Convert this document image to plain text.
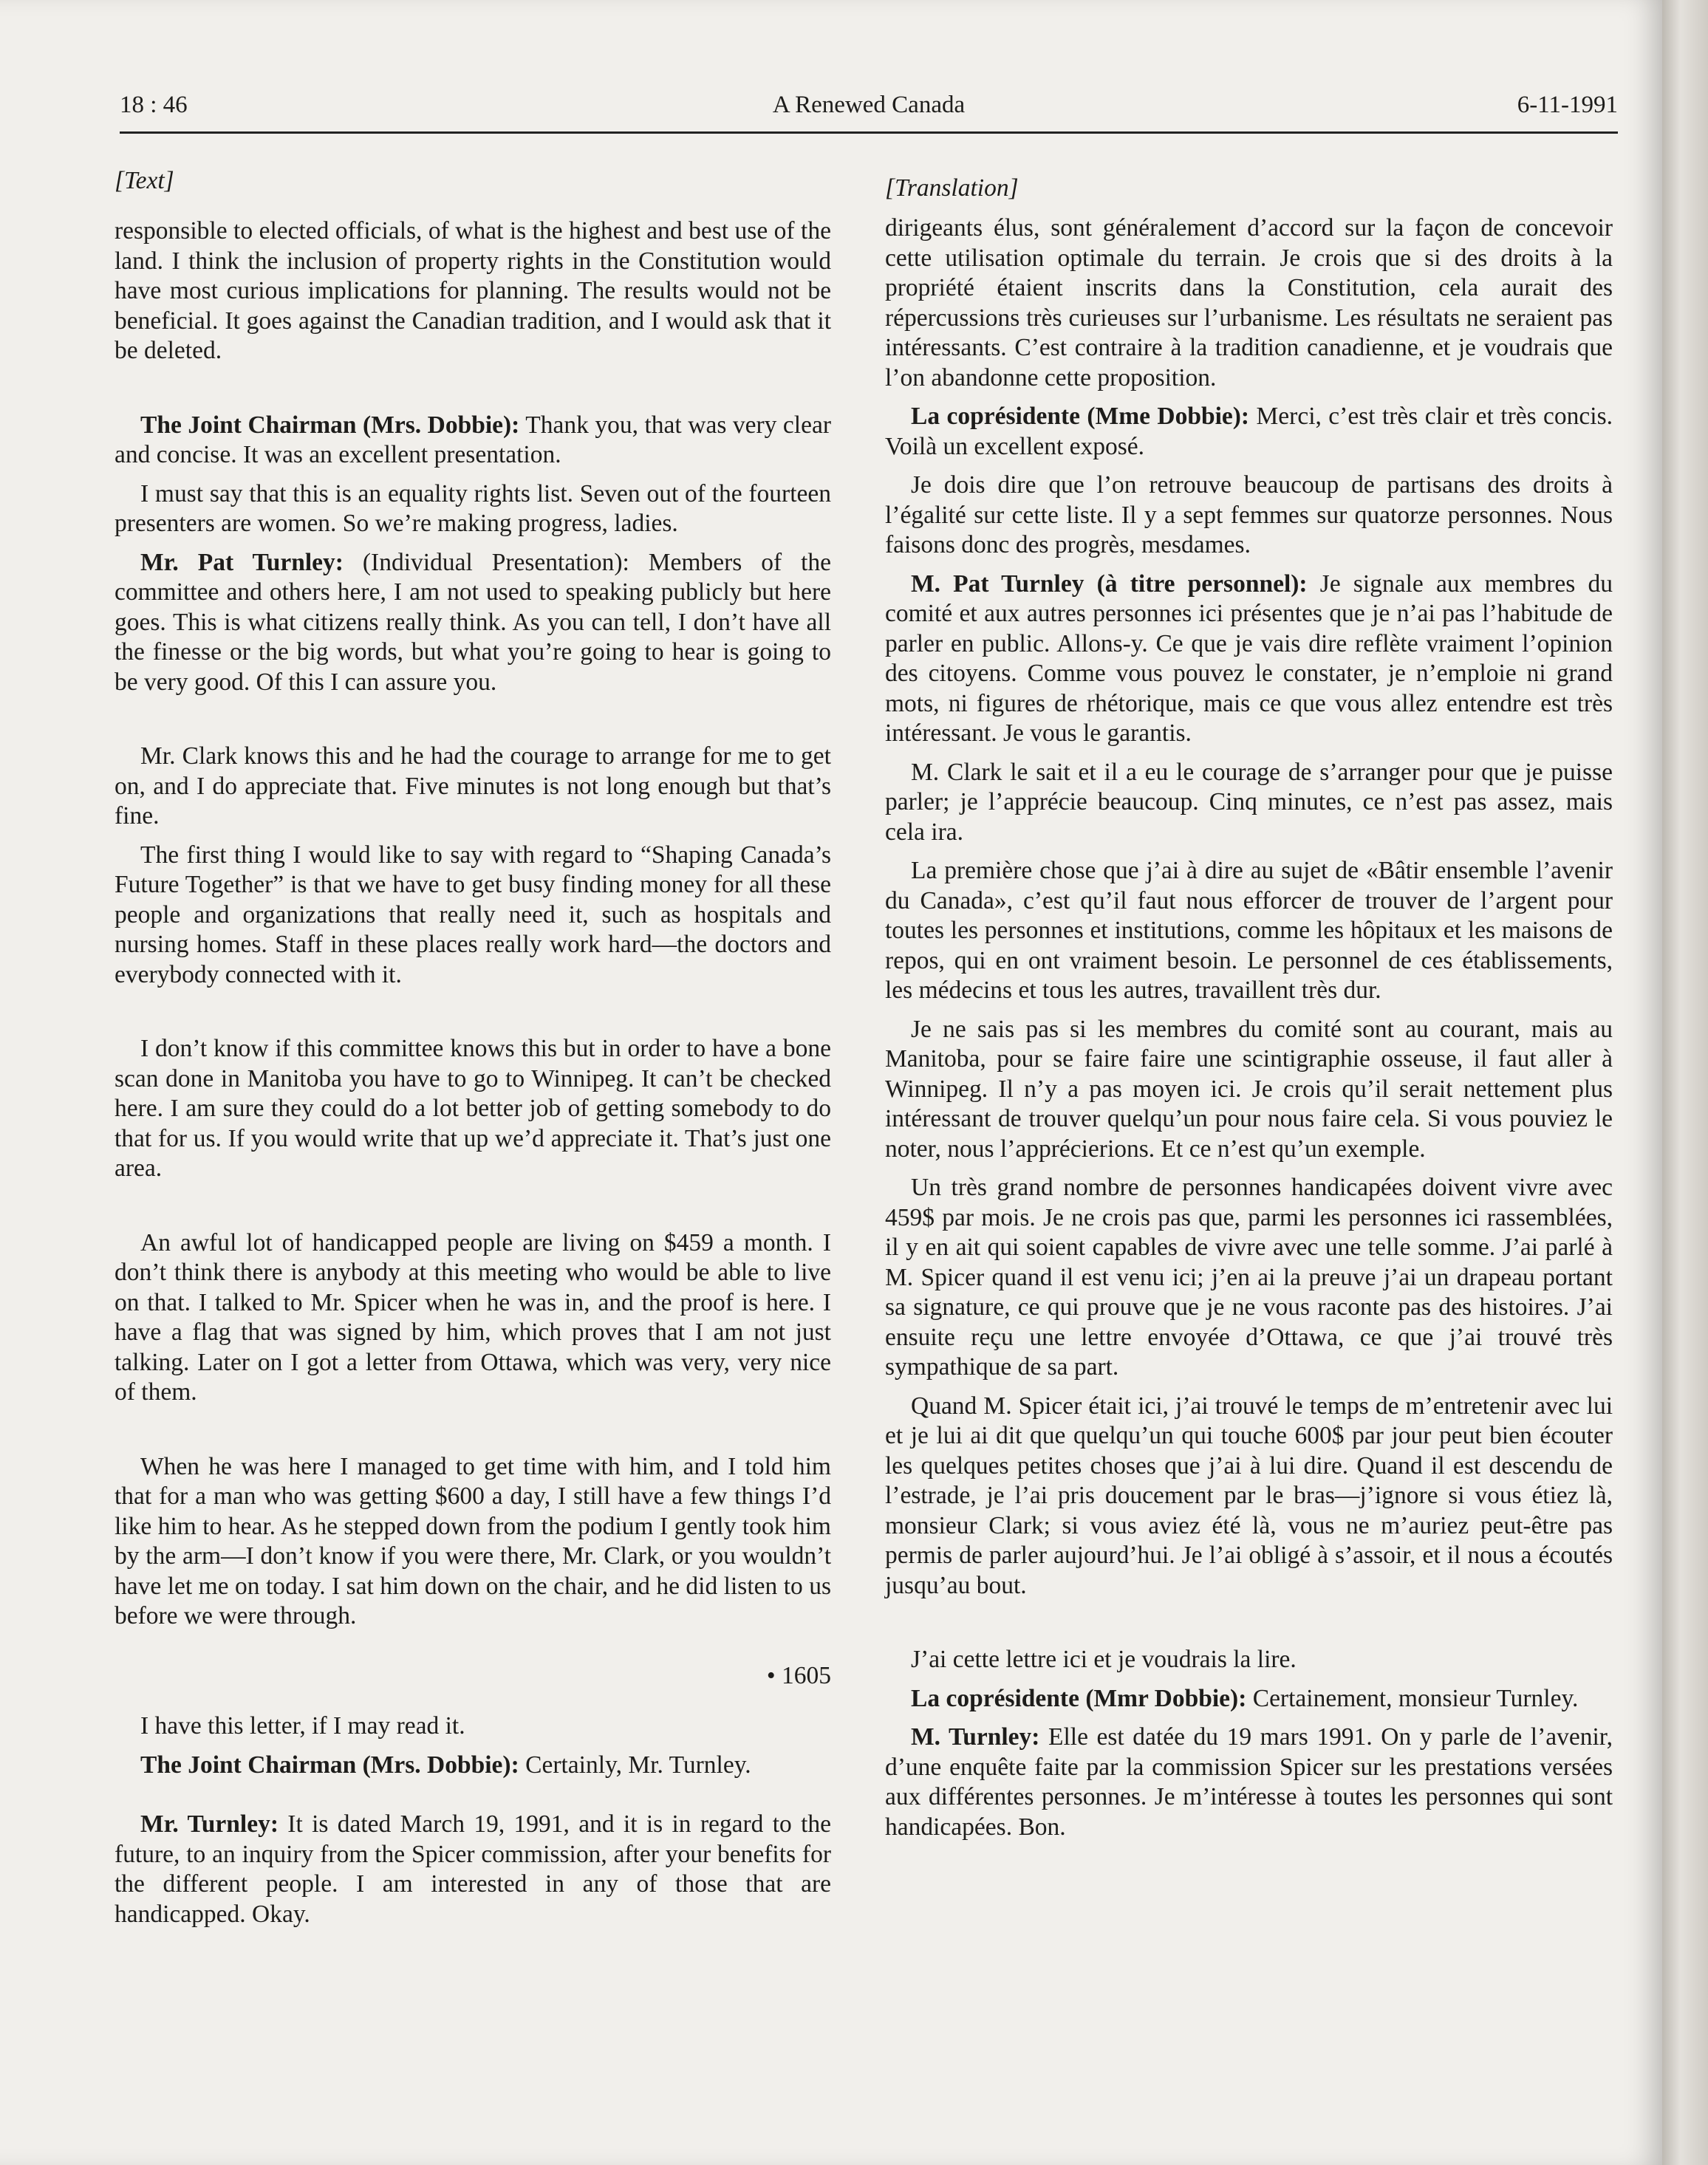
18 : 46	A Renewed Canada	6-11-1991
[Text]

responsible to elected officials, of what is the highest and best use of the land. I think the inclusion of property rights in the Constitution would have most curious implications for planning. The results would not be beneficial. It goes against the Canadian tradition, and I would ask that it be deleted.

The Joint Chairman (Mrs. Dobbie): Thank you, that was very clear and concise. It was an excellent presentation.

I must say that this is an equality rights list. Seven out of the fourteen presenters are women. So we’re making progress, ladies.

Mr. Pat Turnley: (Individual Presentation): Members of the committee and others here, I am not used to speaking publicly but here goes. This is what citizens really think. As you can tell, I don’t have all the finesse or the big words, but what you’re going to hear is going to be very good. Of this I can assure you.

Mr. Clark knows this and he had the courage to arrange for me to get on, and I do appreciate that. Five minutes is not long enough but that’s fine.

The first thing I would like to say with regard to “Shaping Canada’s Future Together” is that we have to get busy finding money for all these people and organizations that really need it, such as hospitals and nursing homes. Staff in these places really work hard—the doctors and everybody connected with it.

I don’t know if this committee knows this but in order to have a bone scan done in Manitoba you have to go to Winnipeg. It can’t be checked here. I am sure they could do a lot better job of getting somebody to do that for us. If you would write that up we’d appreciate it. That’s just one area.

An awful lot of handicapped people are living on $459 a month. I don’t think there is anybody at this meeting who would be able to live on that. I talked to Mr. Spicer when he was in, and the proof is here. I have a flag that was signed by him, which proves that I am not just talking. Later on I got a letter from Ottawa, which was very, very nice of them.

When he was here I managed to get time with him, and I told him that for a man who was getting $600 a day, I still have a few things I’d like him to hear. As he stepped down from the podium I gently took him by the arm—I don’t know if you were there, Mr. Clark, or you wouldn’t have let me on today. I sat him down on the chair, and he did listen to us before we were through.

• 1605

I have this letter, if I may read it.

The Joint Chairman (Mrs. Dobbie): Certainly, Mr. Turnley.

Mr. Turnley: It is dated March 19, 1991, and it is in regard to the future, to an inquiry from the Spicer commission, after your benefits for the different people. I am interested in any of those that are handicapped. Okay.

[Translation]

dirigeants élus, sont généralement d’accord sur la façon de concevoir cette utilisation optimale du terrain. Je crois que si des droits à la propriété étaient inscrits dans la Constitution, cela aurait des répercussions très curieuses sur l’urbanisme. Les résultats ne seraient pas intéressants. C’est contraire à la tradition canadienne, et je voudrais que l’on abandonne cette proposition.

La coprésidente (Mme Dobbie): Merci, c’est très clair et très concis. Voilà un excellent exposé.

Je dois dire que l’on retrouve beaucoup de partisans des droits à l’égalité sur cette liste. Il y a sept femmes sur quatorze personnes. Nous faisons donc des progrès, mesdames.

M. Pat Turnley (à titre personnel): Je signale aux membres du comité et aux autres personnes ici présentes que je n’ai pas l’habitude de parler en public. Allons-y. Ce que je vais dire reflète vraiment l’opinion des citoyens. Comme vous pouvez le constater, je n’emploie ni grand mots, ni figures de rhétorique, mais ce que vous allez entendre est très intéressant. Je vous le garantis.

M. Clark le sait et il a eu le courage de s’arranger pour que je puisse parler; je l’apprécie beaucoup. Cinq minutes, ce n’est pas assez, mais cela ira.

La première chose que j’ai à dire au sujet de «Bâtir ensemble l’avenir du Canada», c’est qu’il faut nous efforcer de trouver de l’argent pour toutes les personnes et institutions, comme les hôpitaux et les maisons de repos, qui en ont vraiment besoin. Le personnel de ces établissements, les médecins et tous les autres, travaillent très dur.

Je ne sais pas si les membres du comité sont au courant, mais au Manitoba, pour se faire faire une scintigraphie osseuse, il faut aller à Winnipeg. Il n’y a pas moyen ici. Je crois qu’il serait nettement plus intéressant de trouver quelqu’un pour nous faire cela. Si vous pouviez le noter, nous l’apprécierions. Et ce n’est qu’un exemple.

Un très grand nombre de personnes handicapées doivent vivre avec 459$ par mois. Je ne crois pas que, parmi les personnes ici rassemblées, il y en ait qui soient capables de vivre avec une telle somme. J’ai parlé à M. Spicer quand il est venu ici; j’en ai la preuve j’ai un drapeau portant sa signature, ce qui prouve que je ne vous raconte pas des histoires. J’ai ensuite reçu une lettre envoyée d’Ottawa, ce que j’ai trouvé très sympathique de sa part.

Quand M. Spicer était ici, j’ai trouvé le temps de m’entretenir avec lui et je lui ai dit que quelqu’un qui touche 600$ par jour peut bien écouter les quelques petites choses que j’ai à lui dire. Quand il est descendu de l’estrade, je l’ai pris doucement par le bras—j’ignore si vous étiez là, monsieur Clark; si vous aviez été là, vous ne m’auriez peut-être pas permis de parler aujourd’hui. Je l’ai obligé à s’assoir, et il nous a écoutés jusqu’au bout.

J’ai cette lettre ici et je voudrais la lire.

La coprésidente (Mmr Dobbie): Certainement, monsieur Turnley.

M. Turnley: Elle est datée du 19 mars 1991. On y parle de l’avenir, d’une enquête faite par la commission Spicer sur les prestations versées aux différentes personnes. Je m’intéresse à toutes les personnes qui sont handicapées. Bon.
